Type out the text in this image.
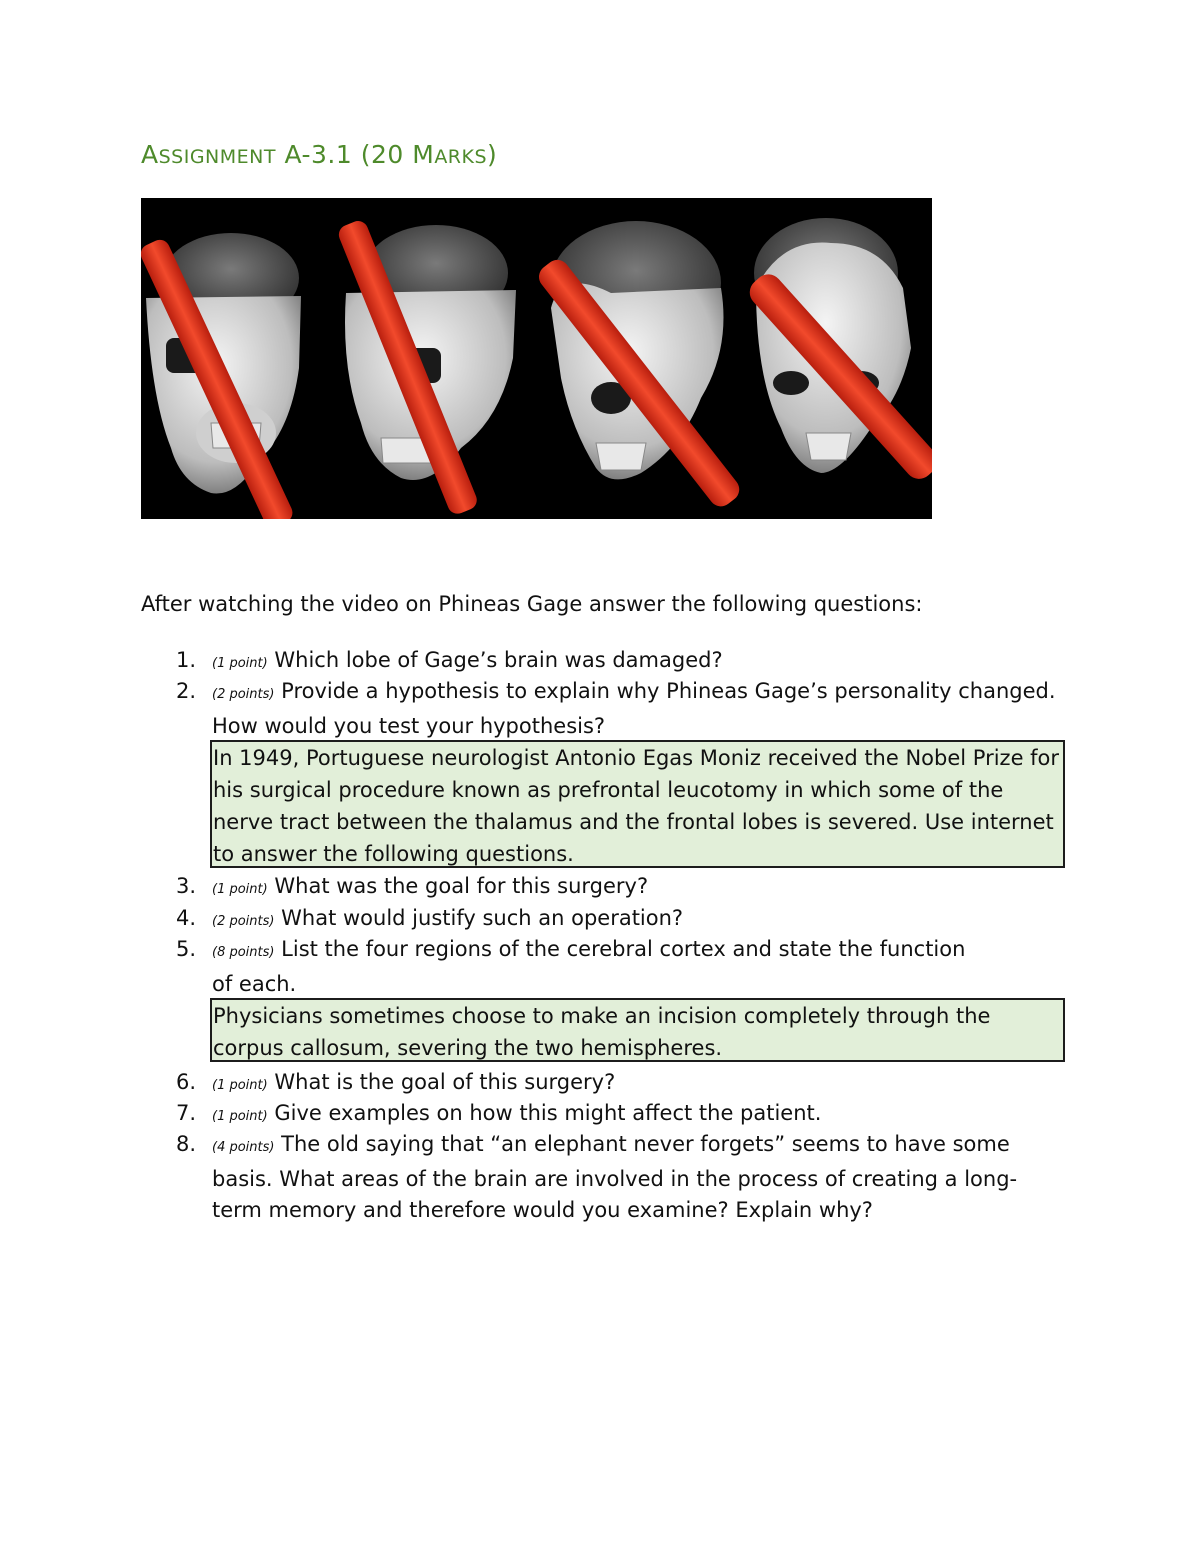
ASSIGNMENT A-3.1 (20 MARKS)
After watching the video on Phineas Gage answer the following questions:
1.	(1 point) Which lobe of Gage’s brain was damaged?
2.	(2 points) Provide a hypothesis to explain why Phineas Gage’s personality changed. How would you test your hypothesis?
In 1949, Portuguese neurologist Antonio Egas Moniz received the Nobel Prize for his surgical procedure known as prefrontal leucotomy in which some of the nerve tract between the thalamus and the frontal lobes is severed. Use internet to answer the following questions.
3.	(1 point) What was the goal for this surgery?
4.	(2 points) What would justify such an operation?
5.	(8 points) List the four regions of the cerebral cortex and state the function of each.
Physicians sometimes choose to make an incision completely through the corpus callosum, severing the two hemispheres.
6.	(1 point) What is the goal of this surgery?
7.	(1 point) Give examples on how this might affect the patient.
8.	(4 points) The old saying that “an elephant never forgets” seems to have some basis. What areas of the brain are involved in the process of creating a long-term memory and therefore would you examine? Explain why?
